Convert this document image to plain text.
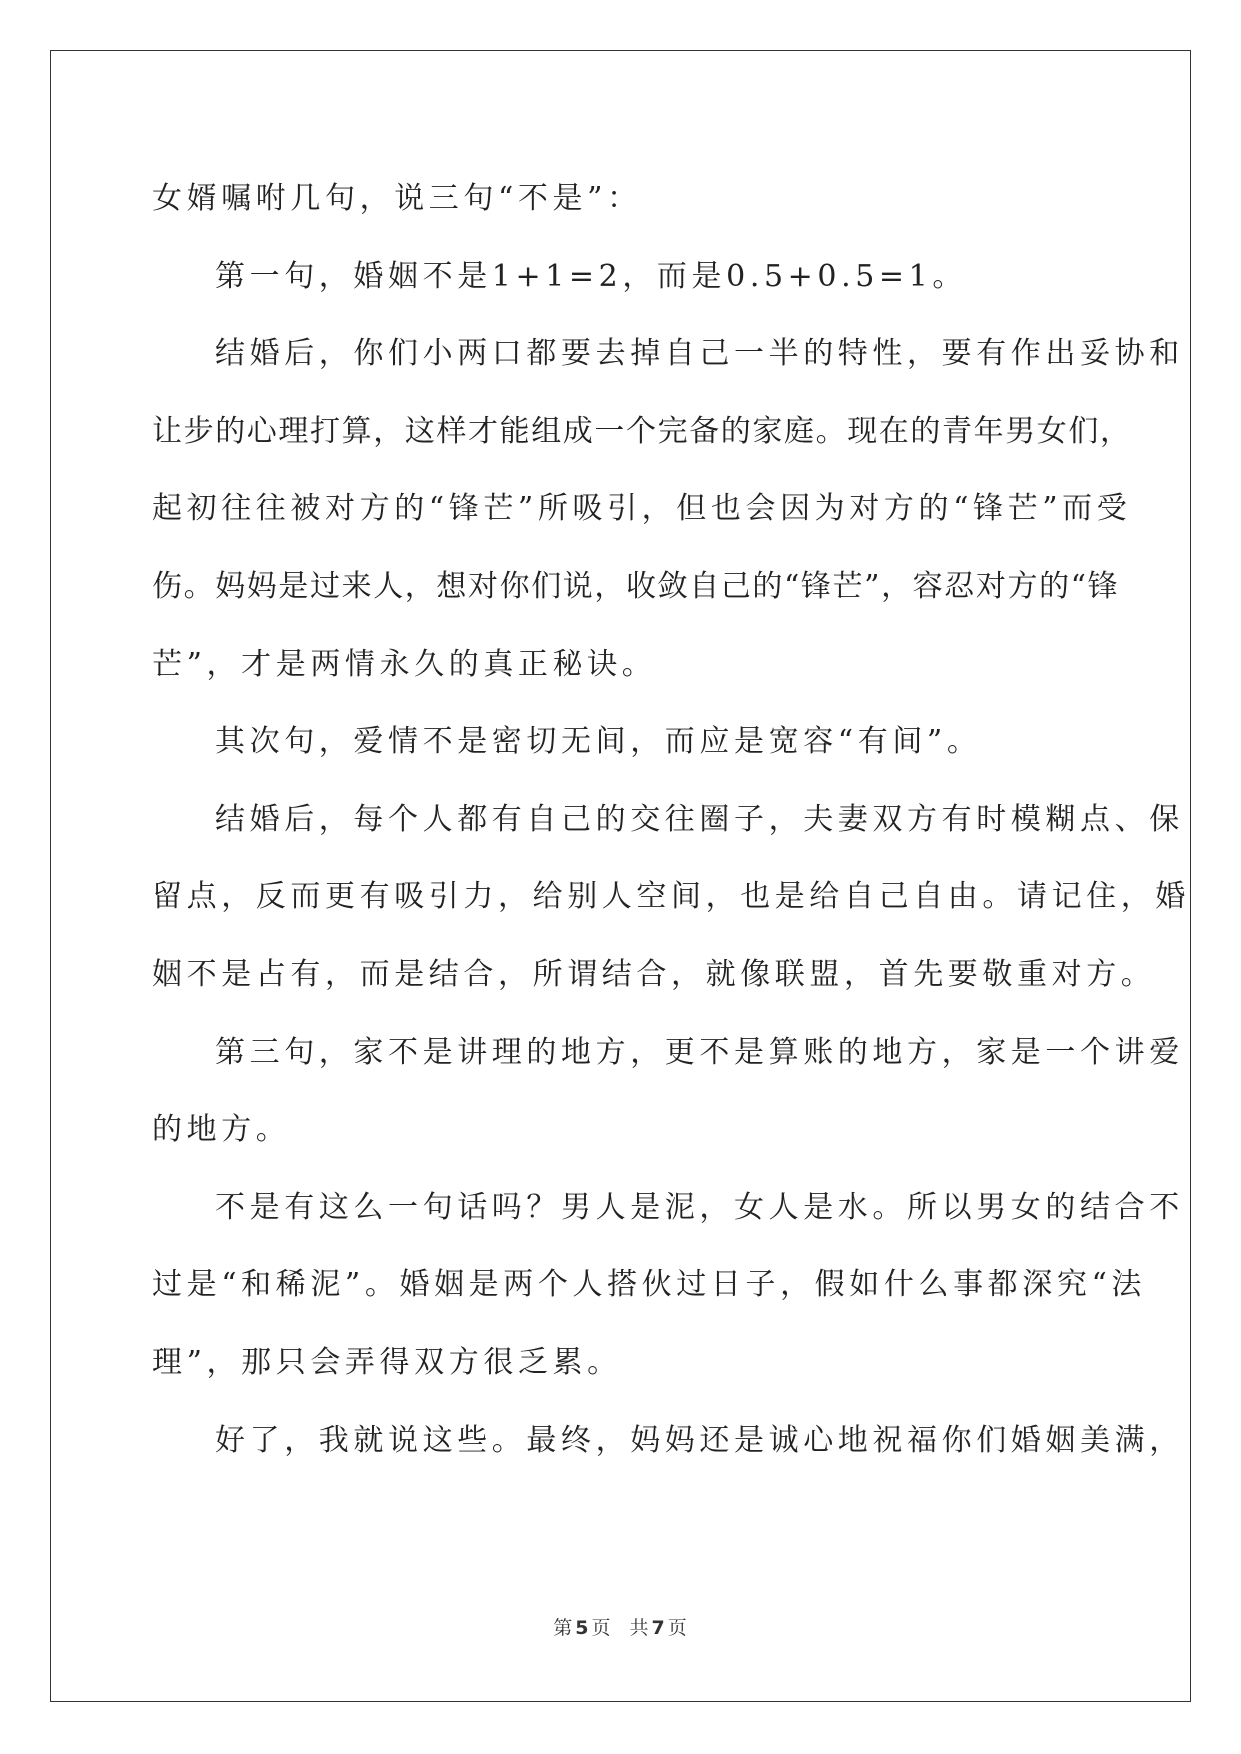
女婿嘱咐几句，说三句“不是”：
第一句，婚姻不是1+1=2，而是0.5+0.5=1。
结婚后，你们小两口都要去掉自己一半的特性，要有作出妥协和
让步的心理打算，这样才能组成一个完备的家庭。现在的青年男女们，
起初往往被对方的“锋芒”所吸引，但也会因为对方的“锋芒”而受
伤。妈妈是过来人，想对你们说，收敛自己的“锋芒”，容忍对方的“锋
芒”，才是两情永久的真正秘诀。
其次句，爱情不是密切无间，而应是宽容“有间”。
结婚后，每个人都有自己的交往圈子，夫妻双方有时模糊点、保
留点，反而更有吸引力，给别人空间，也是给自己自由。请记住，婚
姻不是占有，而是结合，所谓结合，就像联盟，首先要敬重对方。
第三句，家不是讲理的地方，更不是算账的地方，家是一个讲爱
的地方。
不是有这么一句话吗？男人是泥，女人是水。所以男女的结合不
过是“和稀泥”。婚姻是两个人搭伙过日子，假如什么事都深究“法
理”，那只会弄得双方很乏累。
好了，我就说这些。最终，妈妈还是诚心地祝福你们婚姻美满，
第 5 页 共 7 页
